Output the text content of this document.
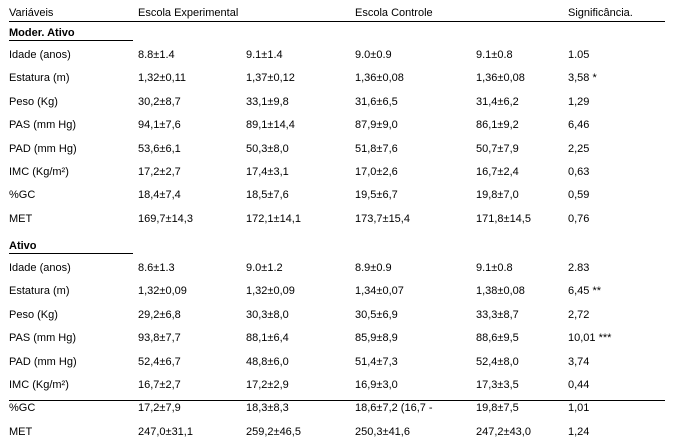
Variáveis	Escola Experimental	Escola Controle	Significância.
Moder. Ativo
Idade (anos)	8.8±1.4	9.1±1.4	9.0±0.9	9.1±0.8	1.05
Estatura (m)	1,32±0,11	1,37±0,12	1,36±0,08	1,36±0,08	3,58 *
Peso (Kg)	30,2±8,7	33,1±9,8	31,6±6,5	31,4±6,2	1,29
PAS (mm Hg)	94,1±7,6	89,1±14,4	87,9±9,0	86,1±9,2	6,46
PAD (mm Hg)	53,6±6,1	50,3±8,0	51,8±7,6	50,7±7,9	2,25
IMC (Kg/m²)	17,2±2,7	17,4±3,1	17,0±2,6	16,7±2,4	0,63
%GC	18,4±7,4	18,5±7,6	19,5±6,7	19,8±7,0	0,59
MET	169,7±14,3	172,1±14,1	173,7±15,4	171,8±14,5	0,76
Ativo
Idade (anos)	8.6±1.3	9.0±1.2	8.9±0.9	9.1±0.8	2.83
Estatura (m)	1,32±0,09	1,32±0,09	1,34±0,07	1,38±0,08	6,45 **
Peso (Kg)	29,2±6,8	30,3±8,0	30,5±6,9	33,3±8,7	2,72
PAS (mm Hg)	93,8±7,7	88,1±6,4	85,9±8,9	88,6±9,5	10,01 ***
PAD (mm Hg)	52,4±6,7	48,8±6,0	51,4±7,3	52,4±8,0	3,74
IMC (Kg/m²)	16,7±2,7	17,2±2,9	16,9±3,0	17,3±3,5	0,44
%GC	17,2±7,9	18,3±8,3	18,6±7,2 (16,7 -	19,8±7,5	1,01
MET	247,0±31,1	259,2±46,5	250,3±41,6	247,2±43,0	1,24
